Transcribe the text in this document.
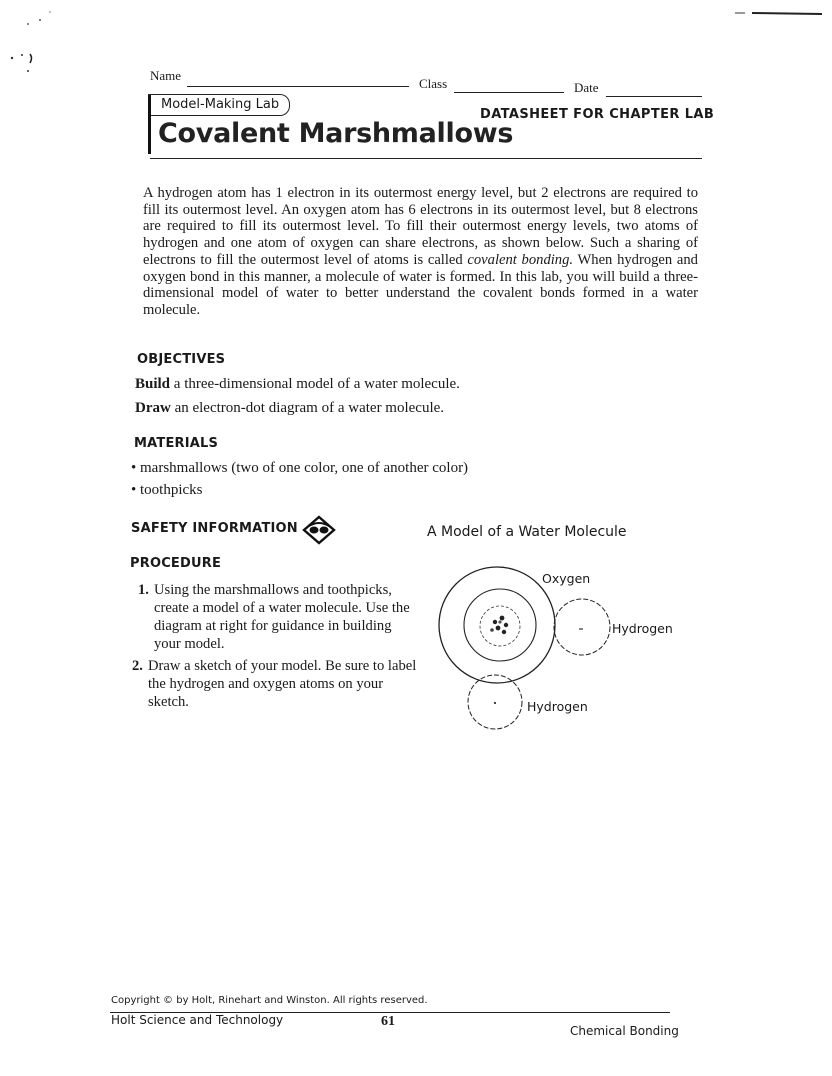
Name
Class	Date
Model-Making Lab
DATASHEET FOR CHAPTER LAB
Covalent Marshmallows
A hydrogen atom has 1 electron in its outermost energy level, but 2 electrons are required to fill its outermost level. An oxygen atom has 6 electrons in its outermost level, but 8 electrons are required to fill its outermost level. To fill their outermost energy levels, two atoms of hydrogen and one atom of oxygen can share electrons, as shown below. Such a sharing of electrons to fill the outermost level of atoms is called covalent bonding. When hydrogen and oxygen bond in this manner, a molecule of water is formed. In this lab, you will build a three-dimensional model of water to better understand the covalent bonds formed in a water molecule.
OBJECTIVES
Build a three-dimensional model of a water molecule.
Draw an electron-dot diagram of a water molecule.
MATERIALS
• marshmallows (two of one color, one of another color)
• toothpicks
SAFETY INFORMATION
PROCEDURE
1. Using the marshmallows and toothpicks, create a model of a water molecule. Use the diagram at right for guidance in building your model.
2. Draw a sketch of your model. Be sure to label the hydrogen and oxygen atoms on your sketch.
A Model of a Water Molecule
Oxygen
Hydrogen
Hydrogen
Copyright © by Holt, Rinehart and Winston. All rights reserved.
Holt Science and Technology	61
Chemical Bonding
